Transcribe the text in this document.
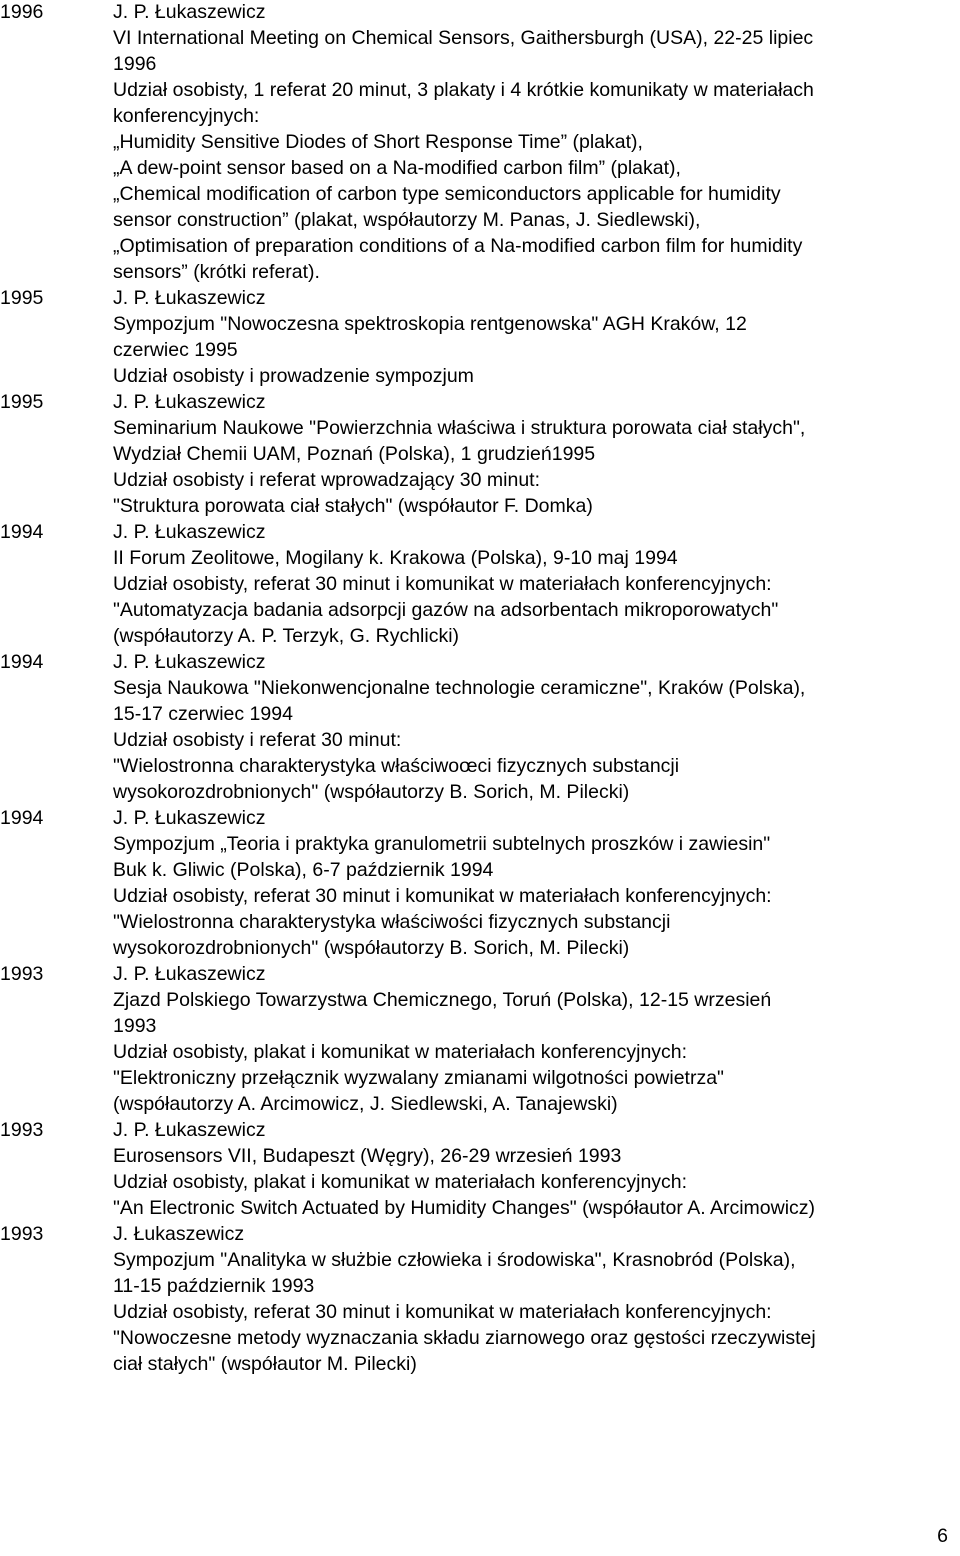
1996	J. P. Łukaszewicz
VI International Meeting on Chemical Sensors, Gaithersburgh (USA), 22-25 lipiec
1996
Udział osobisty, 1 referat 20 minut, 3 plakaty i 4 krótkie komunikaty w materiałach
konferencyjnych:
„Humidity Sensitive Diodes of Short Response Time” (plakat),
„A dew-point sensor based on a Na-modified carbon film” (plakat),
„Chemical modification of carbon type semiconductors applicable for humidity
sensor construction” (plakat, współautorzy M. Panas, J. Siedlewski),
„Optimisation of preparation conditions of a Na-modified carbon film for humidity
sensors” (krótki referat).
1995	J. P. Łukaszewicz
Sympozjum "Nowoczesna spektroskopia rentgenowska" AGH Kraków, 12
czerwiec 1995
Udział osobisty i prowadzenie sympozjum
1995	J. P. Łukaszewicz
Seminarium Naukowe "Powierzchnia właściwa i struktura porowata ciał stałych",
Wydział Chemii UAM, Poznań (Polska), 1 grudzień1995
Udział osobisty i referat wprowadzający 30 minut:
"Struktura porowata ciał stałych" (współautor F. Domka)
1994	J. P. Łukaszewicz
II Forum Zeolitowe, Mogilany k. Krakowa (Polska), 9-10 maj 1994
Udział osobisty, referat 30 minut i komunikat w materiałach konferencyjnych:
"Automatyzacja badania adsorpcji gazów na adsorbentach mikroporowatych"
(współautorzy A. P. Terzyk, G. Rychlicki)
1994	J. P. Łukaszewicz
Sesja Naukowa "Niekonwencjonalne technologie ceramiczne", Kraków (Polska),
15-17 czerwiec 1994
Udział osobisty i referat 30 minut:
"Wielostronna charakterystyka właściwoœci fizycznych substancji
wysokorozdrobnionych" (współautorzy B. Sorich, M. Pilecki)
1994	J. P. Łukaszewicz
Sympozjum „Teoria i praktyka granulometrii subtelnych proszków i zawiesin"
Buk k. Gliwic (Polska), 6-7 październik 1994
Udział osobisty, referat 30 minut i komunikat w materiałach konferencyjnych:
"Wielostronna charakterystyka właściwości fizycznych substancji
wysokorozdrobnionych" (współautorzy B. Sorich, M. Pilecki)
1993	J. P. Łukaszewicz
Zjazd Polskiego Towarzystwa Chemicznego, Toruń (Polska), 12-15 wrzesień
1993
Udział osobisty, plakat i komunikat w materiałach konferencyjnych:
"Elektroniczny przełącznik wyzwalany zmianami wilgotności powietrza"
(współautorzy A. Arcimowicz, J. Siedlewski, A. Tanajewski)
1993	J. P. Łukaszewicz
Eurosensors VII, Budapeszt (Węgry), 26-29 wrzesień 1993
Udział osobisty, plakat i komunikat w materiałach konferencyjnych:
"An Electronic Switch Actuated by Humidity Changes" (współautor A. Arcimowicz)
1993	J. Łukaszewicz
Sympozjum "Analityka w służbie człowieka i środowiska", Krasnobród (Polska),
11-15 październik 1993
Udział osobisty, referat 30 minut i komunikat w materiałach konferencyjnych:
"Nowoczesne metody wyznaczania składu ziarnowego oraz gęstości rzeczywistej
ciał stałych" (współautor M. Pilecki)
6
